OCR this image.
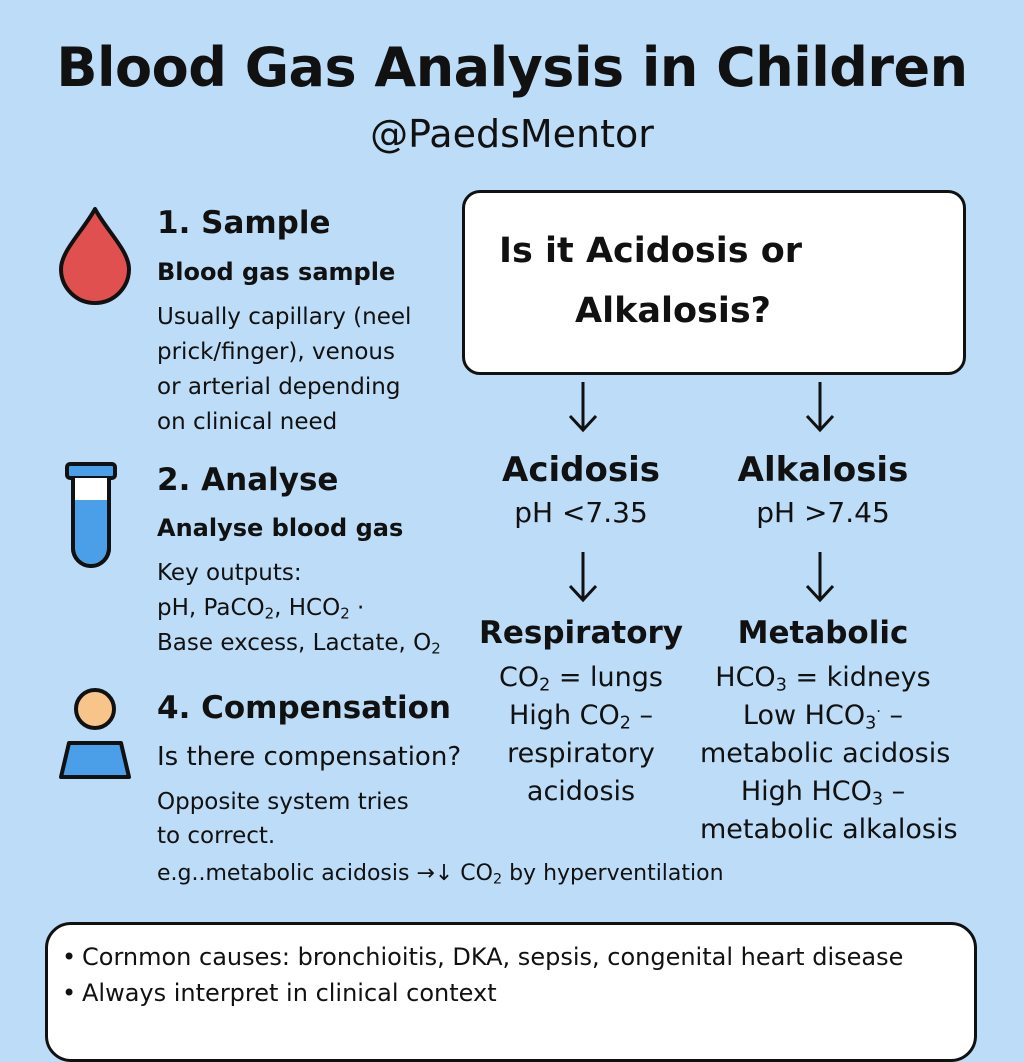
Blood Gas Analysis in Children
@PaedsMentor
1. Sample
Blood gas sample
Usually capillary (neel
prick/finger), venous
or arterial depending
on clinical need
2. Analyse
Analyse blood gas
Key outputs:
pH, PaCO$_2$, $HCO_2$ ·
Base excess, Lactate, $O_2$
4. Compensation
Is there compensation?
Opposite system tries
to correct.
e.g..metabolic acidosis →↓ $CO_2$ by hyperventilation
Is it Acidosis or
Alkalosis?
Acidosis
pH <7.35
Respiratory
$CO_2$ = lungs
High $CO_2$ –
respiratory
acidosis
Alkalosis
pH >7.45
Metabolic
$HCO_3$ = kidneys
Low $HCO_3^\cdot$ –
metabolic acidosis
High $HCO_3$ –
metabolic alkalosis
• Cornmon causes: bronchioitis, DKA, sepsis, congenital heart disease
• Always interpret in clinical context
